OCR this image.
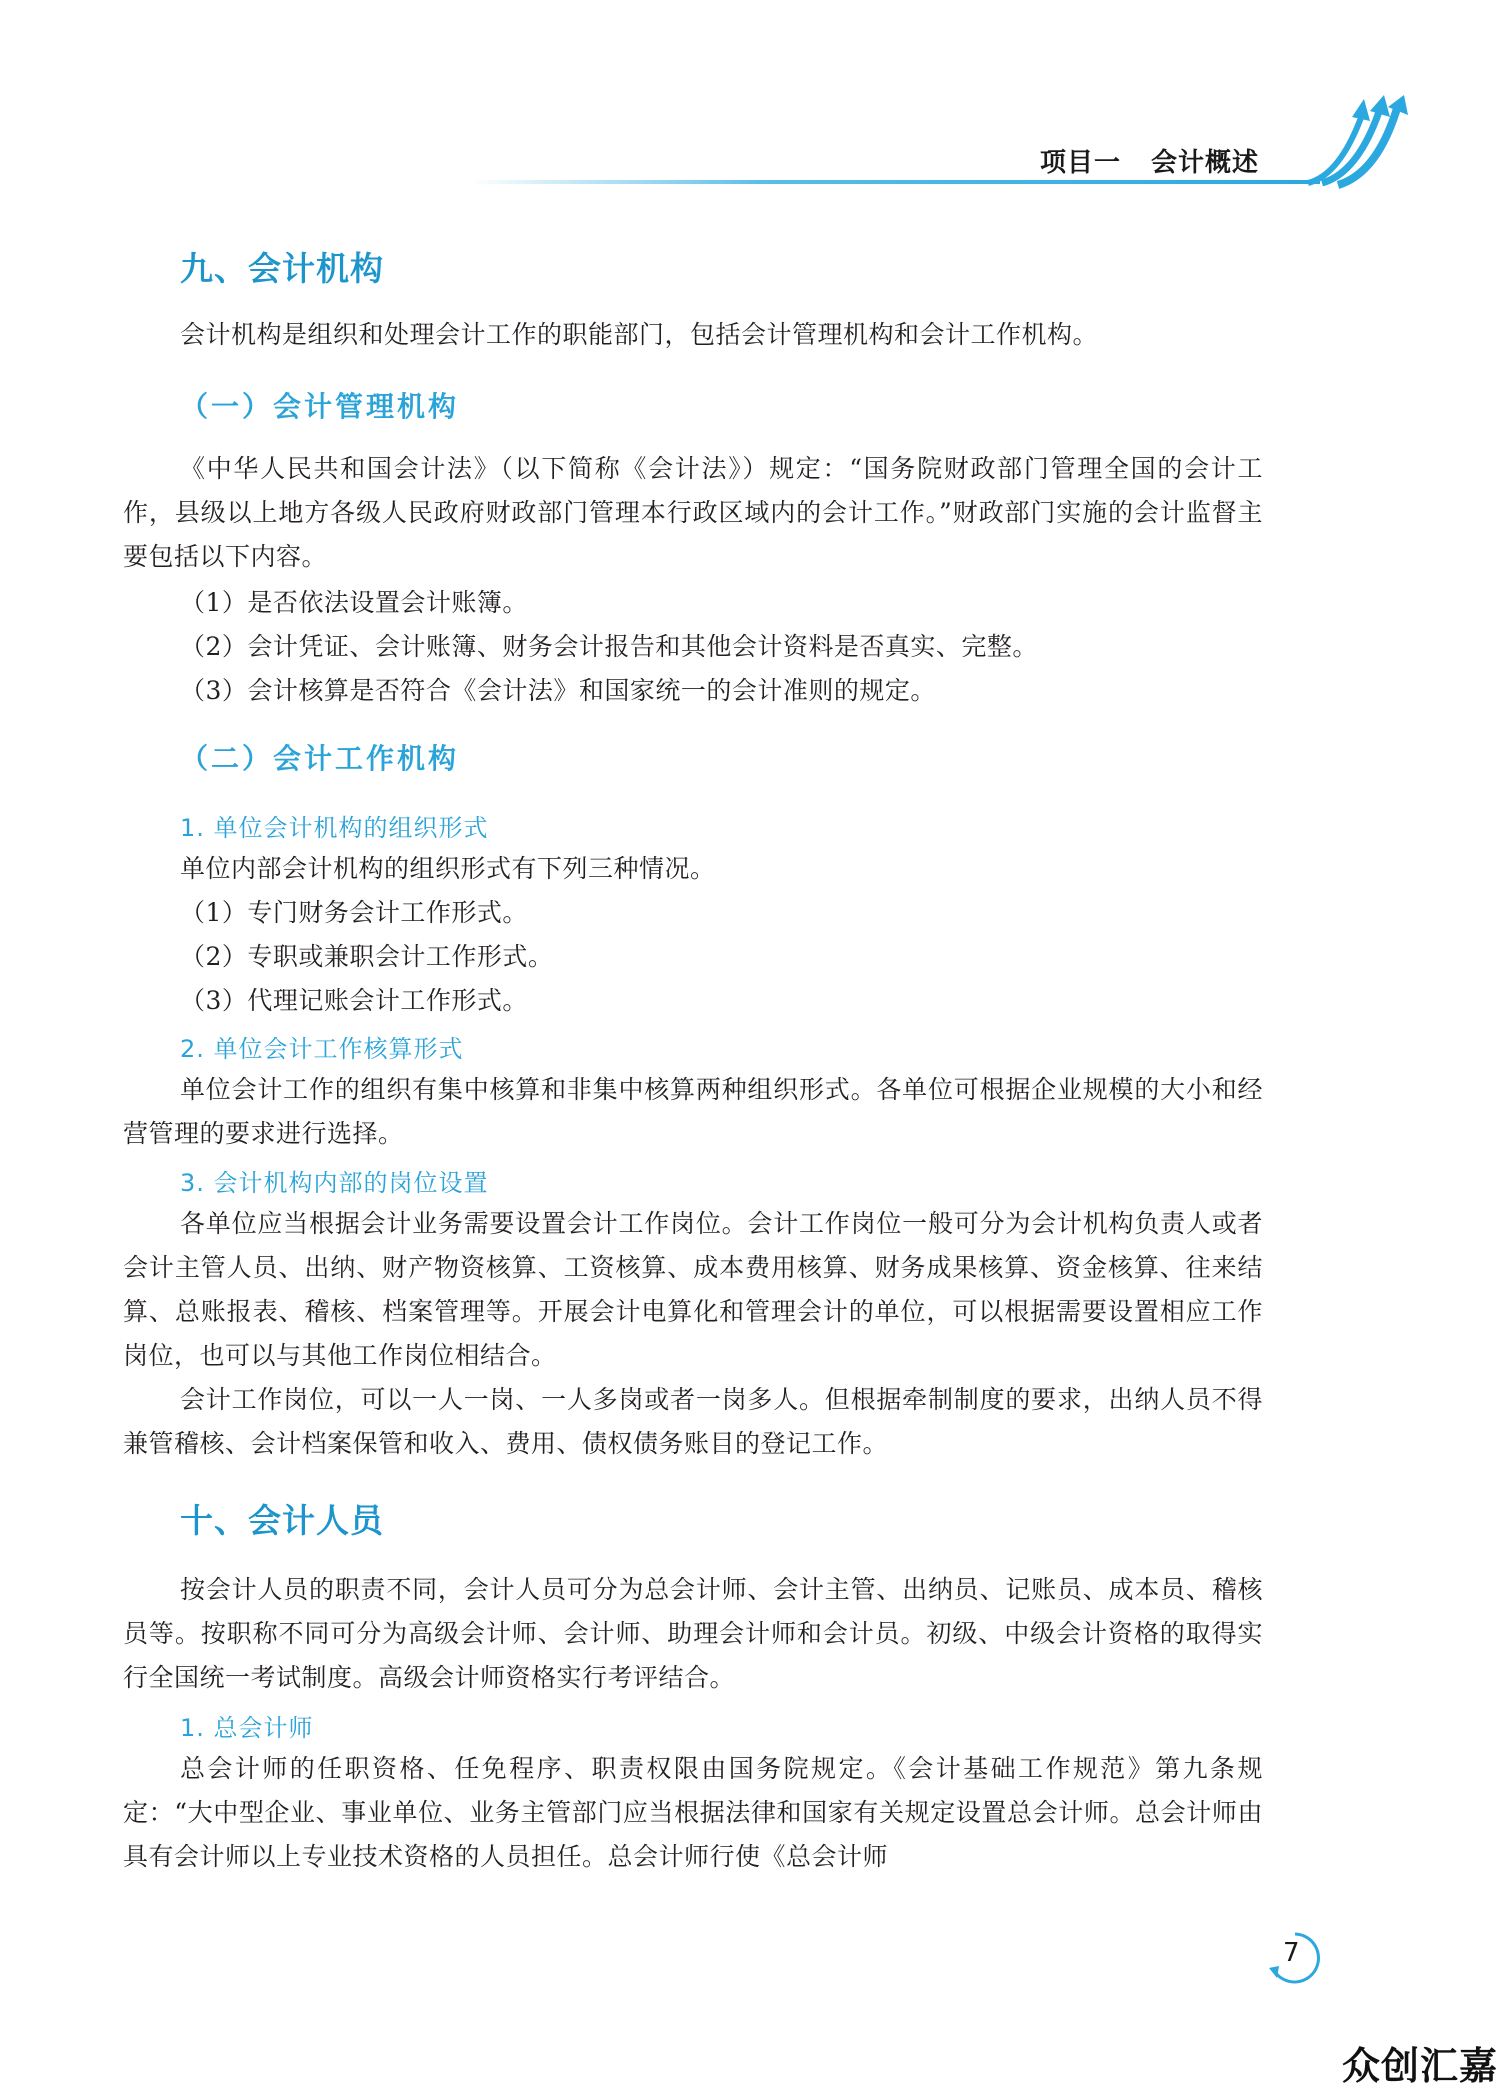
项目一 会计概述
九、会计机构

会计机构是组织和处理会计工作的职能部门，包括会计管理机构和会计工作机构。

（一）会计管理机构

《中华人民共和国会计法》（以下简称《会计法》）规定：“国务院财政部门管理全国的会计工作，县级以上地方各级人民政府财政部门管理本行政区域内的会计工作。”财政部门实施的会计监督主要包括以下内容。

（1）是否依法设置会计账簿。

（2）会计凭证、会计账簿、财务会计报告和其他会计资料是否真实、完整。

（3）会计核算是否符合《会计法》和国家统一的会计准则的规定。

（二）会计工作机构
1. 单位会计机构的组织形式

单位内部会计机构的组织形式有下列三种情况。

（1）专门财务会计工作形式。

（2）专职或兼职会计工作形式。

（3）代理记账会计工作形式。

2. 单位会计工作核算形式

单位会计工作的组织有集中核算和非集中核算两种组织形式。各单位可根据企业规模的大小和经营管理的要求进行选择。

3. 会计机构内部的岗位设置

各单位应当根据会计业务需要设置会计工作岗位。会计工作岗位一般可分为会计机构负责人或者会计主管人员、出纳、财产物资核算、工资核算、成本费用核算、财务成果核算、资金核算、往来结算、总账报表、稽核、档案管理等。开展会计电算化和管理会计的单位，可以根据需要设置相应工作岗位，也可以与其他工作岗位相结合。

会计工作岗位，可以一人一岗、一人多岗或者一岗多人。但根据牵制制度的要求，出纳人员不得兼管稽核、会计档案保管和收入、费用、债权债务账目的登记工作。

十、会计人员

按会计人员的职责不同，会计人员可分为总会计师、会计主管、出纳员、记账员、成本员、稽核员等。按职称不同可分为高级会计师、会计师、助理会计师和会计员。初级、中级会计资格的取得实行全国统一考试制度。高级会计师资格实行考评结合。

1. 总会计师

总会计师的任职资格、任免程序、职责权限由国务院规定。《会计基础工作规范》第九条规定：“大中型企业、事业单位、业务主管部门应当根据法律和国家有关规定设置总会计师。总会计师由具有会计师以上专业技术资格的人员担任。总会计师行使《总会计师

7
众创汇嘉
